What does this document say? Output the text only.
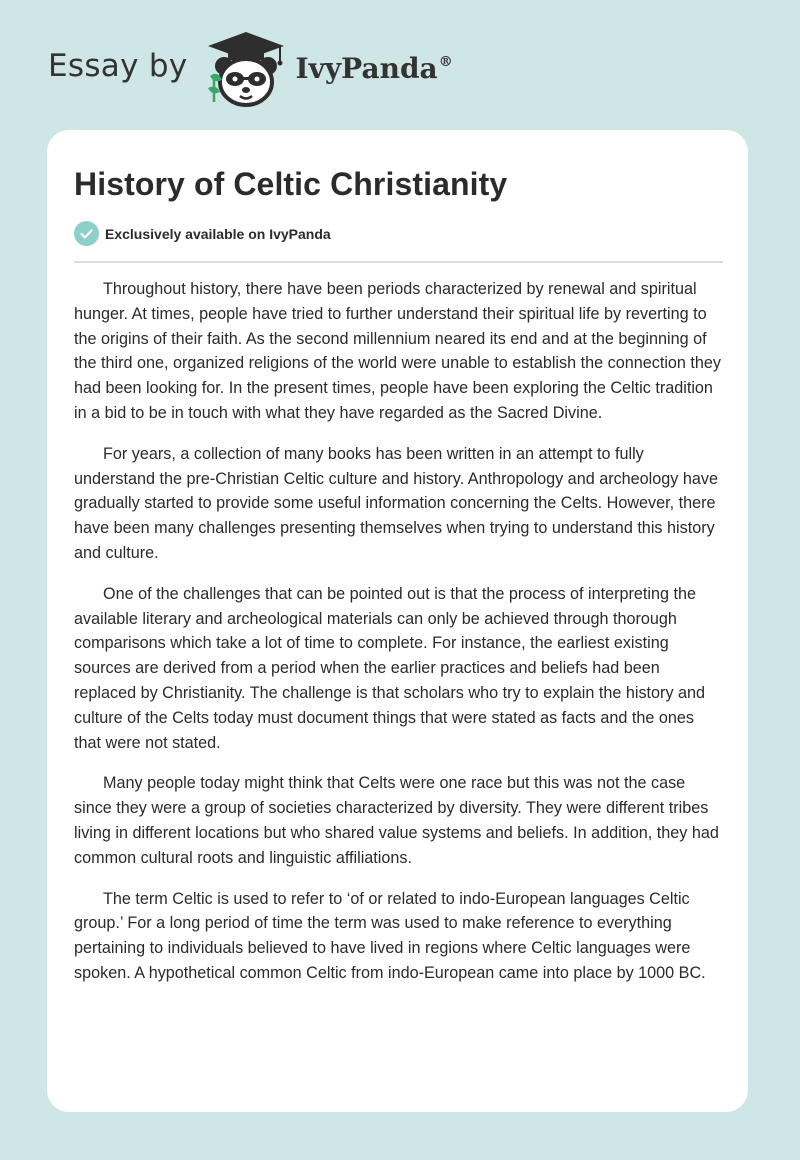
Essay by	IvyPanda®
History of Celtic Christianity
Exclusively available on IvyPanda

Throughout history, there have been periods characterized by renewal and spiritual hunger. At times, people have tried to further understand their spiritual life by reverting to the origins of their faith. As the second millennium neared its end and at the beginning of the third one, organized religions of the world were unable to establish the connection they had been looking for. In the present times, people have been exploring the Celtic tradition in a bid to be in touch with what they have regarded as the Sacred Divine.

For years, a collection of many books has been written in an attempt to fully understand the pre-Christian Celtic culture and history. Anthropology and archeology have gradually started to provide some useful information concerning the Celts. However, there have been many challenges presenting themselves when trying to understand this history and culture.

One of the challenges that can be pointed out is that the process of interpreting the available literary and archeological materials can only be achieved through thorough comparisons which take a lot of time to complete. For instance, the earliest existing sources are derived from a period when the earlier practices and beliefs had been replaced by Christianity. The challenge is that scholars who try to explain the history and culture of the Celts today must document things that were stated as facts and the ones that were not stated.

Many people today might think that Celts were one race but this was not the case since they were a group of societies characterized by diversity. They were different tribes living in different locations but who shared value systems and beliefs. In addition, they had common cultural roots and linguistic affiliations.

The term Celtic is used to refer to ‘of or related to indo-European languages Celtic group.’ For a long period of time the term was used to make reference to everything pertaining to individuals believed to have lived in regions where Celtic languages were spoken. A hypothetical common Celtic from indo-European came into place by 1000 BC.
